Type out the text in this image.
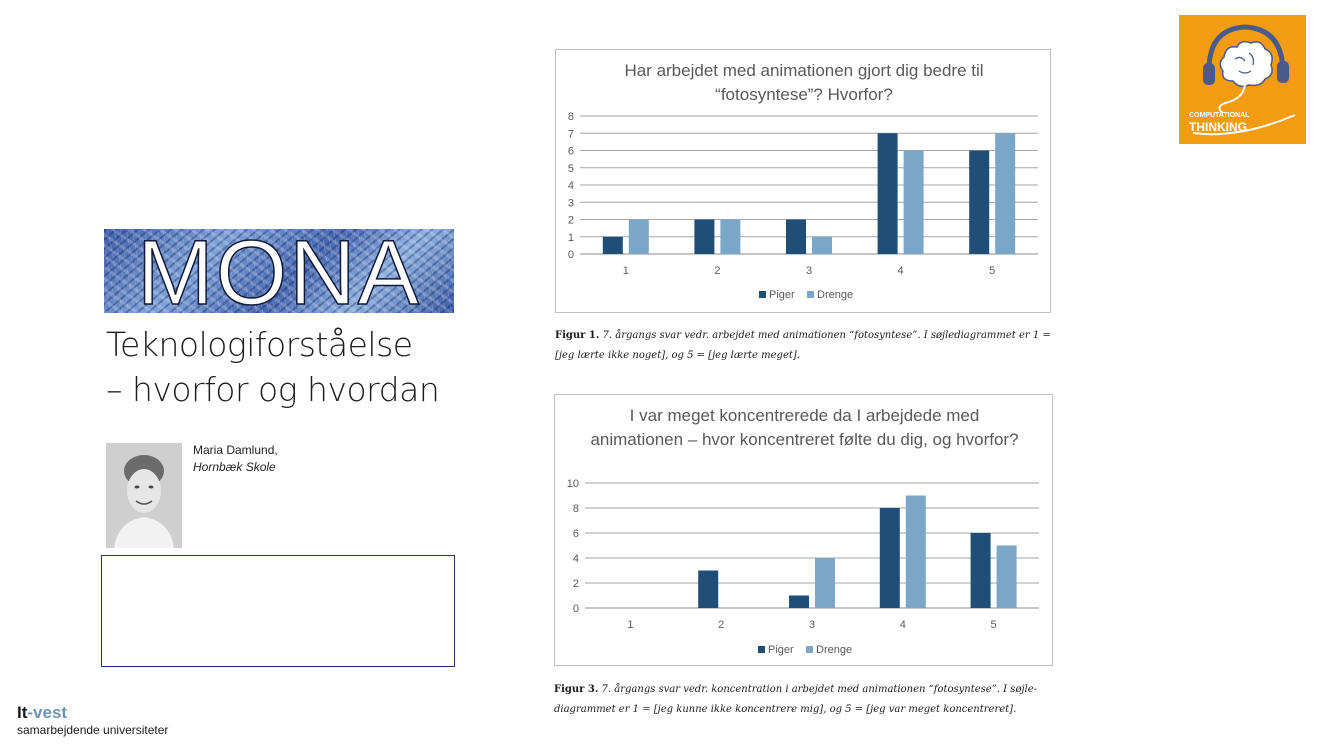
MONA
Teknologiforståelse
– hvorfor og hvordan
Maria Damlund,
Hornbæk Skole
It-vest
samarbejdende universiteter
COMPUTATIONAL
THINKING
Har arbejdet med animationen gjort dig bedre til
“fotosyntese”? Hvorfor?
0
1
2
3
4
5
6
7
8
1	2	3	4	5
Piger Drenge
Figur 1. 7. årgangs svar vedr. arbejdet med animationen “fotosyntese”. I søjlediagrammet er 1 = [jeg lærte ikke noget], og 5 = [jeg lærte meget].
I var meget koncentrerede da I arbejdede med
animationen – hvor koncentreret følte du dig, og hvorfor?
0
2
4
6
8
10
1	2	3	4	5
Piger Drenge
Figur 3. 7. årgangs svar vedr. koncentration i arbejdet med animationen “fotosyntese”. I søjle-diagrammet er 1 = [jeg kunne ikke koncentrere mig], og 5 = [jeg var meget koncentreret].
